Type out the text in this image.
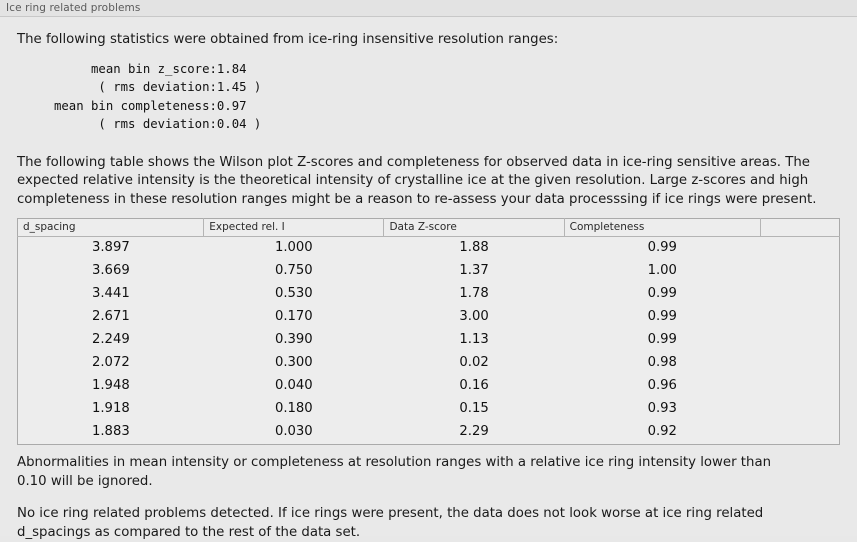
Ice ring related problems
The following statistics were obtained from ice-ring insensitive resolution ranges:
mean bin z_score	:	1.84
( rms deviation	:	1.45 )
mean bin completeness	:	0.97
( rms deviation	:	0.04 )
The following table shows the Wilson plot Z-scores and completeness for observed data in ice-ring sensitive areas. The expected relative intensity is the theoretical intensity of crystalline ice at the given resolution. Large z-scores and high completeness in these resolution ranges might be a reason to re-assess your data processsing if ice rings were present.
d_spacing	Expected rel. I	Data Z-score	Completeness	
3.897	1.000	1.88	0.99	
3.669	0.750	1.37	1.00	
3.441	0.530	1.78	0.99	
2.671	0.170	3.00	0.99	
2.249	0.390	1.13	0.99	
2.072	0.300	0.02	0.98	
1.948	0.040	0.16	0.96	
1.918	0.180	0.15	0.93	
1.883	0.030	2.29	0.92	
Abnormalities in mean intensity or completeness at resolution ranges with a relative ice ring intensity lower than 0.10 will be ignored.
No ice ring related problems detected. If ice rings were present, the data does not look worse at ice ring related d_spacings as compared to the rest of the data set.
